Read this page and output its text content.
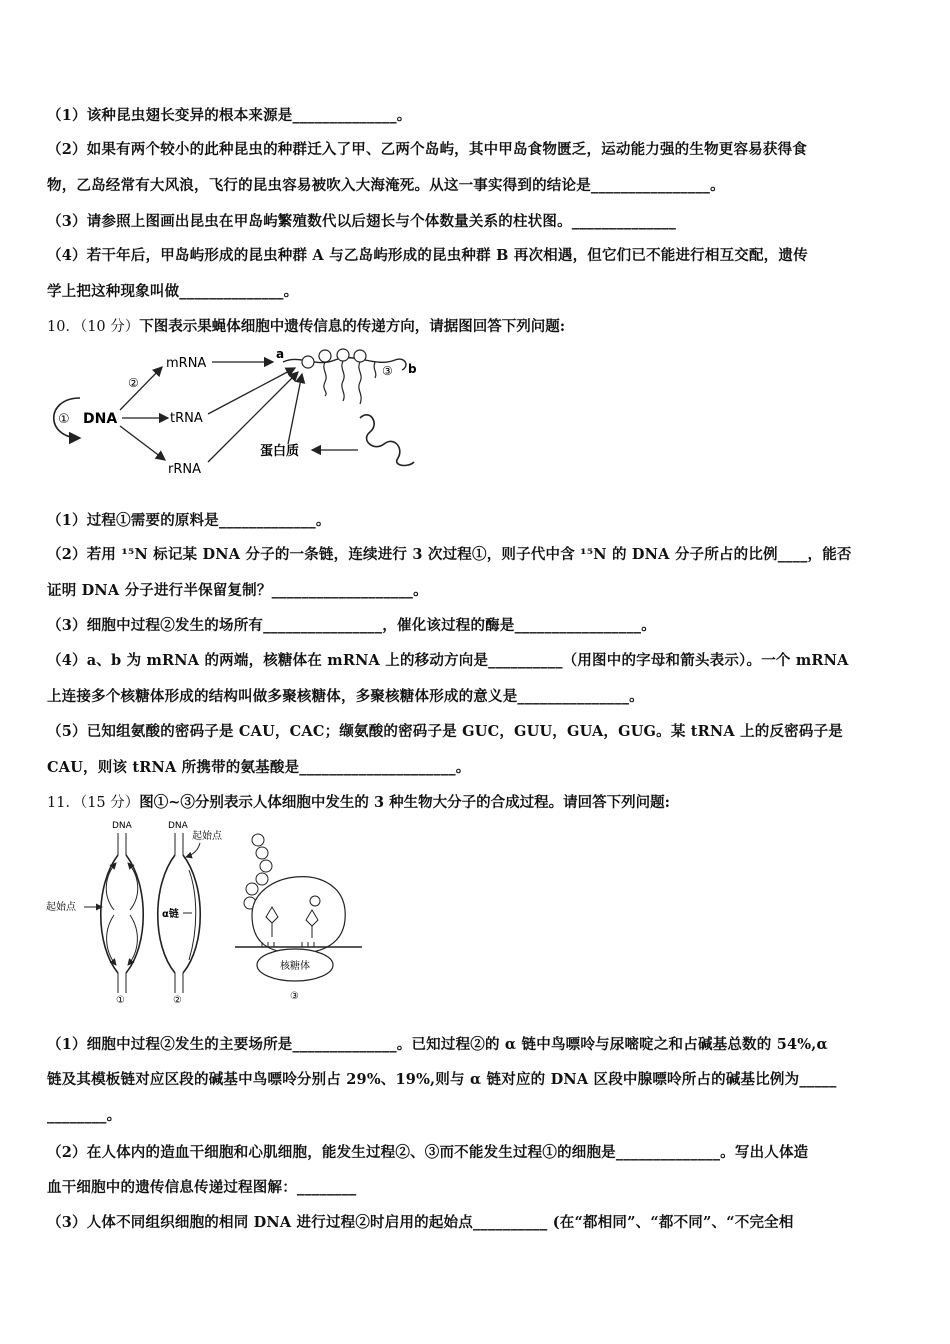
（1）该种昆虫翅长变异的根本来源是______________。
（2）如果有两个较小的此种昆虫的种群迁入了甲、乙两个岛屿，其中甲岛食物匮乏，运动能力强的生物更容易获得食
物，乙岛经常有大风浪，飞行的昆虫容易被吹入大海淹死。从这一事实得到的结论是________________。
（3）请参照上图画出昆虫在甲岛屿繁殖数代以后翅长与个体数量关系的柱状图。______________
（4）若干年后，甲岛屿形成的昆虫种群 A 与乙岛屿形成的昆虫种群 B 再次相遇，但它们已不能进行相互交配，遗传
学上把这种现象叫做______________。
10．（10 分）下图表示果蝇体细胞中遗传信息的传递方向，请据图回答下列问题:
① DNA
②
mRNA
tRNA
rRNA
a
③ b
蛋白质
（1）过程①需要的原料是_____________。
（2）若用 ¹⁵N 标记某 DNA 分子的一条链，连续进行 3 次过程①，则子代中含 ¹⁵N 的 DNA 分子所占的比例____，能否
证明 DNA 分子进行半保留复制？___________________。
（3）细胞中过程②发生的场所有________________，催化该过程的酶是_________________。
（4）a、b 为 mRNA 的两端，核糖体在 mRNA 上的移动方向是__________（用图中的字母和箭头表示）。一个 mRNA
上连接多个核糖体形成的结构叫做多聚核糖体，多聚核糖体形成的意义是_______________。
（5）已知组氨酸的密码子是 CAU，CAC；缬氨酸的密码子是 GUC，GUU，GUA，GUG。某 tRNA 上的反密码子是
CAU，则该 tRNA 所携带的氨基酸是_____________________。
11．（15 分）图①~③分别表示人体细胞中发生的 3 种生物大分子的合成过程。请回答下列问题:
DNA
起始点
①
DNA
α链
起始点
②
核糖体
③
（1）细胞中过程②发生的主要场所是______________。已知过程②的 α 链中鸟嘌呤与尿嘧啶之和占碱基总数的 54%,α
链及其模板链对应区段的碱基中鸟嘌呤分别占 29%、19%,则与 α 链对应的 DNA 区段中腺嘌呤所占的碱基比例为_____
________。
（2）在人体内的造血干细胞和心肌细胞，能发生过程②、③而不能发生过程①的细胞是______________。写出人体造
血干细胞中的遗传信息传递过程图解：________
（3）人体不同组织细胞的相同 DNA 进行过程②时启用的起始点__________ (在“都相同”、“都不同”、“不完全相
